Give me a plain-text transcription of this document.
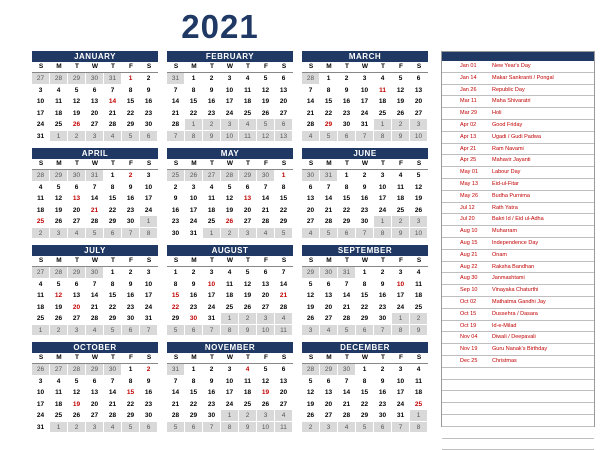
2021
JANUARY
S	M	T	W	T	F	S
27	28	29	30	31	1	2
3	4	5	6	7	8	9
10	11	12	13	14	15	16
17	18	19	20	21	22	23
24	25	26	27	28	29	30
31	1	2	3	4	5	6
FEBRUARY
S	M	T	W	T	F	S
31	1	2	3	4	5	6
7	8	9	10	11	12	13
14	15	16	17	18	19	20
21	22	23	24	25	26	27
28	1	2	3	4	5	6
7	8	9	10	11	12	13
MARCH
S	M	T	W	T	F	S
28	1	2	3	4	5	6
7	8	9	10	11	12	13
14	15	16	17	18	19	20
21	22	23	24	25	26	27
28	29	30	31	1	2	3
4	5	6	7	8	9	10
APRIL
S	M	T	W	T	F	S
28	29	30	31	1	2	3
4	5	6	7	8	9	10
11	12	13	14	15	16	17
18	19	20	21	22	23	24
25	26	27	28	29	30	1
2	3	4	5	6	7	8
MAY
S	M	T	W	T	F	S
25	26	27	28	29	30	1
2	3	4	5	6	7	8
9	10	11	12	13	14	15
16	17	18	19	20	21	22
23	24	25	26	27	28	29
30	31	1	2	3	4	5
JUNE
S	M	T	W	T	F	S
30	31	1	2	3	4	5
6	7	8	9	10	11	12
13	14	15	16	17	18	19
20	21	22	23	24	25	26
27	28	29	30	1	2	3
4	5	6	7	8	9	10
JULY
S	M	T	W	T	F	S
27	28	29	30	1	2	3
4	5	6	7	8	9	10
11	12	13	14	15	16	17
18	19	20	21	22	23	24
25	26	27	28	29	30	31
1	2	3	4	5	6	7
AUGUST
S	M	T	W	T	F	S
1	2	3	4	5	6	7
8	9	10	11	12	13	14
15	16	17	18	19	20	21
22	23	24	25	26	27	28
29	30	31	1	2	3	4
5	6	7	8	9	10	11
SEPTEMBER
S	M	T	W	T	F	S
29	30	31	1	2	3	4
5	6	7	8	9	10	11
12	13	14	15	16	17	18
19	20	21	22	23	24	25
26	27	28	29	30	1	2
3	4	5	6	7	8	9
OCTOBER
S	M	T	W	T	F	S
26	27	28	29	30	1	2
3	4	5	6	7	8	9
10	11	12	13	14	15	16
17	18	19	20	21	22	23
24	25	26	27	28	29	30
31	1	2	3	4	5	6
NOVEMBER
S	M	T	W	T	F	S
31	1	2	3	4	5	6
7	8	9	10	11	12	13
14	15	16	17	18	19	20
21	22	23	24	25	26	27
28	29	30	1	2	3	4
5	6	7	8	9	10	11
DECEMBER
S	M	T	W	T	F	S
28	29	30	1	2	3	4
5	6	7	8	9	10	11
12	13	14	15	16	17	18
19	20	21	22	23	24	25
26	27	28	29	30	31	1
2	3	4	5	6	7	8
Jan 01	New Year's Day
Jan 14	Makar Sankranti / Pongal
Jan 26	Republic Day
Mar 11	Maha Shivaratri
Mar 29	Holi
Apr 02	Good Friday
Apr 13	Ugadi / Gudi Padwa
Apr 21	Ram Navami
Apr 25	Mahavir Jayanti
May 01	Labour Day
May 13	Eid-ul-Fitar
May 26	Budha Purnima
Jul 12	Rath Yatra
Jul 20	Bakri Id / Eid ul-Adha
Aug 10	Muharram
Aug 15	Independence Day
Aug 21	Onam
Aug 22	Raksha Bandhan
Aug 30	Janmashtami
Sep 10	Vinayaka Chaturthi
Oct 02	Mathatma Gandhi Jay
Oct 15	Dussehra / Dasara
Oct 19	Id-e-Milad
Nov 04	Diwali / Deepavali
Nov 19	Guru Nanak's Birthday
Dec 25	Christmas
